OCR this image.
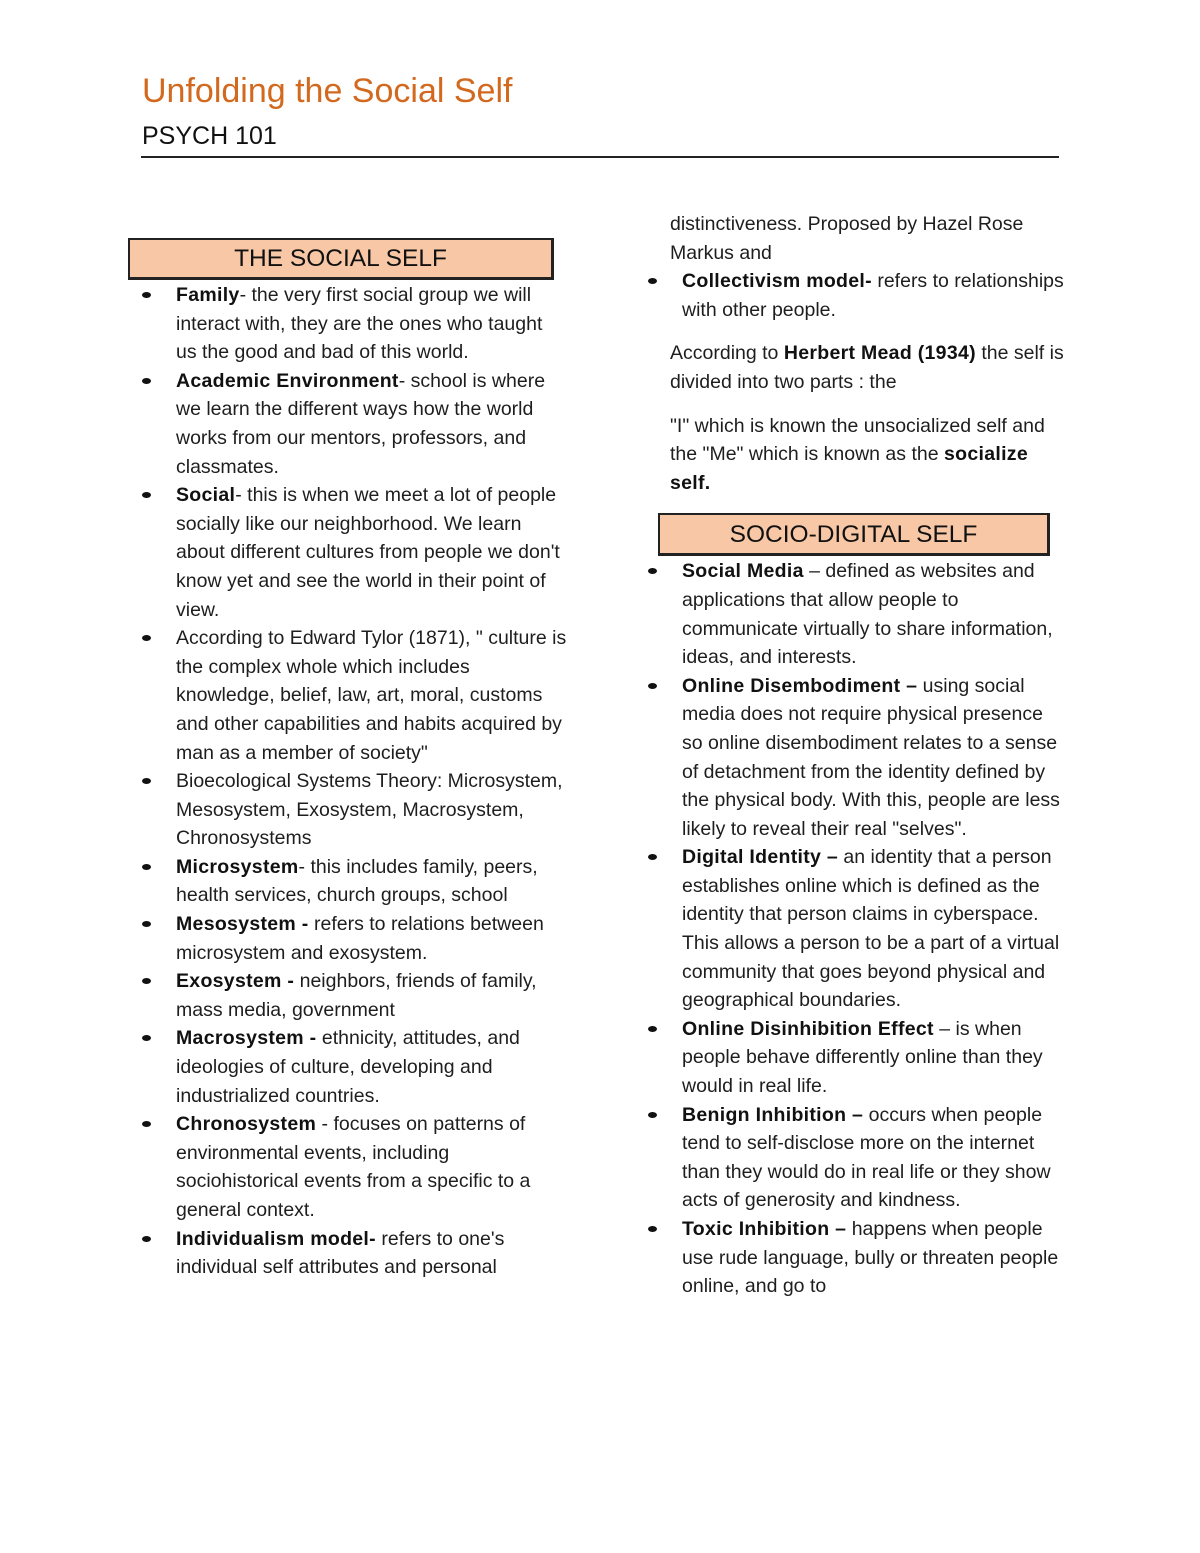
Unfolding the Social Self
PSYCH 101
THE SOCIAL SELF
Family- the very first social group we will interact with, they are the ones who taught us the good and bad of this world.
Academic Environment- school is where we learn the different ways how the world works from our mentors, professors, and classmates.
Social- this is when we meet a lot of people socially like our neighborhood. We learn about different cultures from people we don't know yet and see the world in their point of view.
According to Edward Tylor (1871), " culture is the complex whole which includes knowledge, belief, law, art, moral, customs and other capabilities and habits acquired by man as a member of society"
Bioecological Systems Theory: Microsystem, Mesosystem, Exosystem, Macrosystem, Chronosystems
Microsystem- this includes family, peers, health services, church groups, school
Mesosystem - refers to relations between microsystem and exosystem.
Exosystem - neighbors, friends of family, mass media, government
Macrosystem - ethnicity, attitudes, and ideologies of culture, developing and industrialized countries.
Chronosystem - focuses on patterns of environmental events, including sociohistorical events from a specific to a general context.
Individualism model- refers to one's individual self attributes and personal
distinctiveness. Proposed by Hazel Rose Markus and
Collectivism model- refers to relationships with other people.
According to Herbert Mead (1934) the self is divided into two parts : the
"I" which is known the unsocialized self and the "Me" which is known as the socialize self.
SOCIO-DIGITAL SELF
Social Media – defined as websites and applications that allow people to communicate virtually to share information, ideas, and interests.
Online Disembodiment – using social media does not require physical presence so online disembodiment relates to a sense of detachment from the identity defined by the physical body. With this, people are less likely to reveal their real "selves".
Digital Identity – an identity that a person establishes online which is defined as the identity that person claims in cyberspace. This allows a person to be a part of a virtual community that goes beyond physical and geographical boundaries.
Online Disinhibition Effect – is when people behave differently online than they would in real life.
Benign Inhibition – occurs when people tend to self-disclose more on the internet than they would do in real life or they show acts of generosity and kindness.
Toxic Inhibition – happens when people use rude language, bully or threaten people online, and go to
